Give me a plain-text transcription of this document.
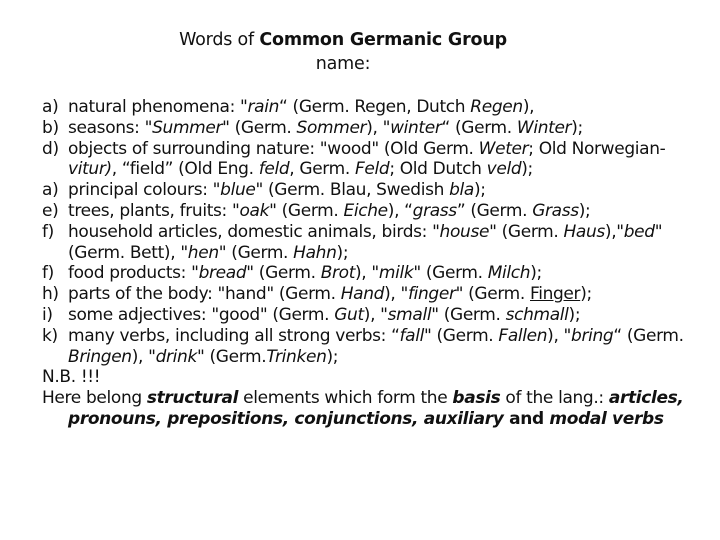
Words of Common Germanic Group
name:
a) natural phenomena: "rain“ (Germ. Regen, Dutch Regen),
b) seasons: "Summer" (Germ. Sommer), "winter“ (Germ. Winter);
d) objects of surrounding nature: "wood" (Old Germ. Weter; Old Norwegian- vitur), “field” (Old Eng. feld, Germ. Feld; Old Dutch veld);
a) principal colours: "blue" (Germ. Blau, Swedish bla);
e) trees, plants, fruits: "oak" (Germ. Eiche), “grass” (Germ. Grass);
f) household articles, domestic animals, birds: "house" (Germ. Haus),"bed" (Germ. Bett), "hen" (Germ. Hahn);
f) food products: "bread" (Germ. Brot), "milk" (Germ. Milch);
h) parts of the body: "hand" (Germ. Hand), "finger" (Germ. Finger);
i) some adjectives: "good" (Germ. Gut), "small" (Germ. schmall);
k) many verbs, including all strong verbs: “fall" (Germ. Fallen), "bring“ (Germ. Bringen), "drink" (Germ.Trinken);
N.B. !!!
Here belong structural elements which form the basis of the lang.: articles, pronouns, prepositions, conjunctions, auxiliary and modal verbs
